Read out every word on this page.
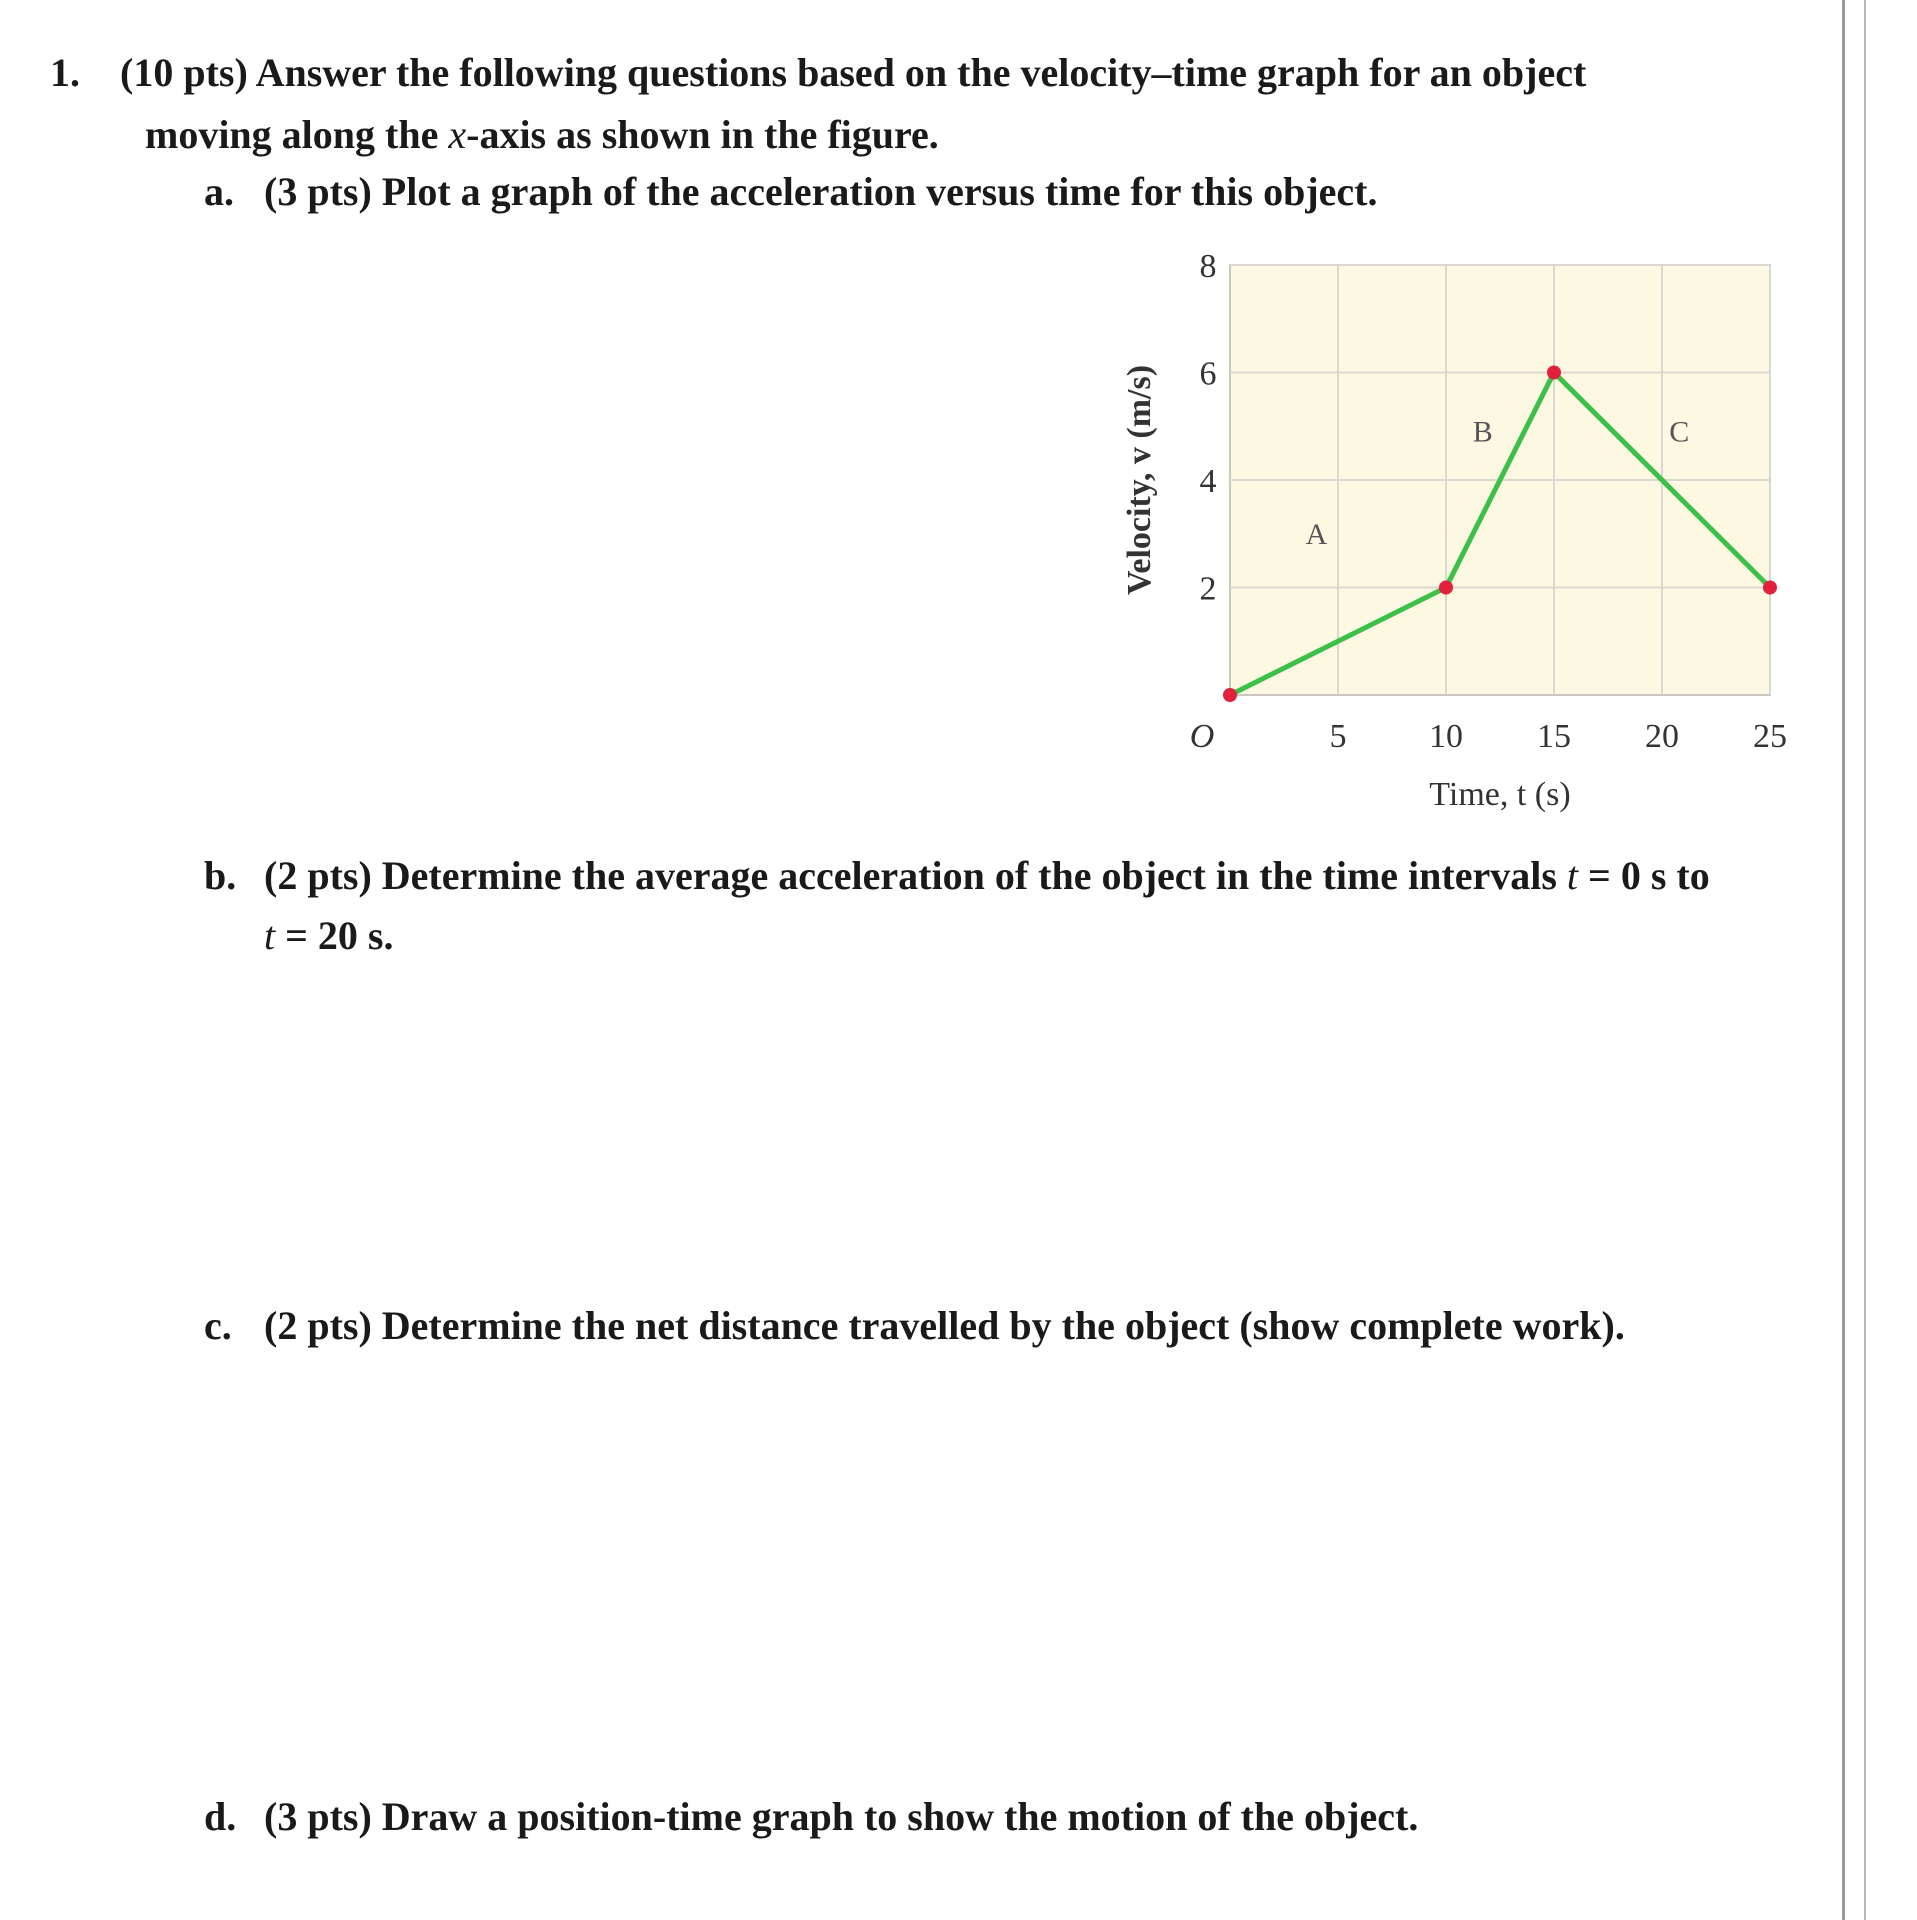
1. (10 pts) Answer the following questions based on the velocity–time graph for an object
moving along the x-axis as shown in the figure.
a. (3 pts) Plot a graph of the acceleration versus time for this object.
5 10 15 20 25
2
4
6
8
O
Time, t (s)
Velocity, v (m/s)	A
B	C
b. (2 pts) Determine the average acceleration of the object in the time intervals t = 0 s to
t = 20 s.
c. (2 pts) Determine the net distance travelled by the object (show complete work).
d. (3 pts) Draw a position-time graph to show the motion of the object.
